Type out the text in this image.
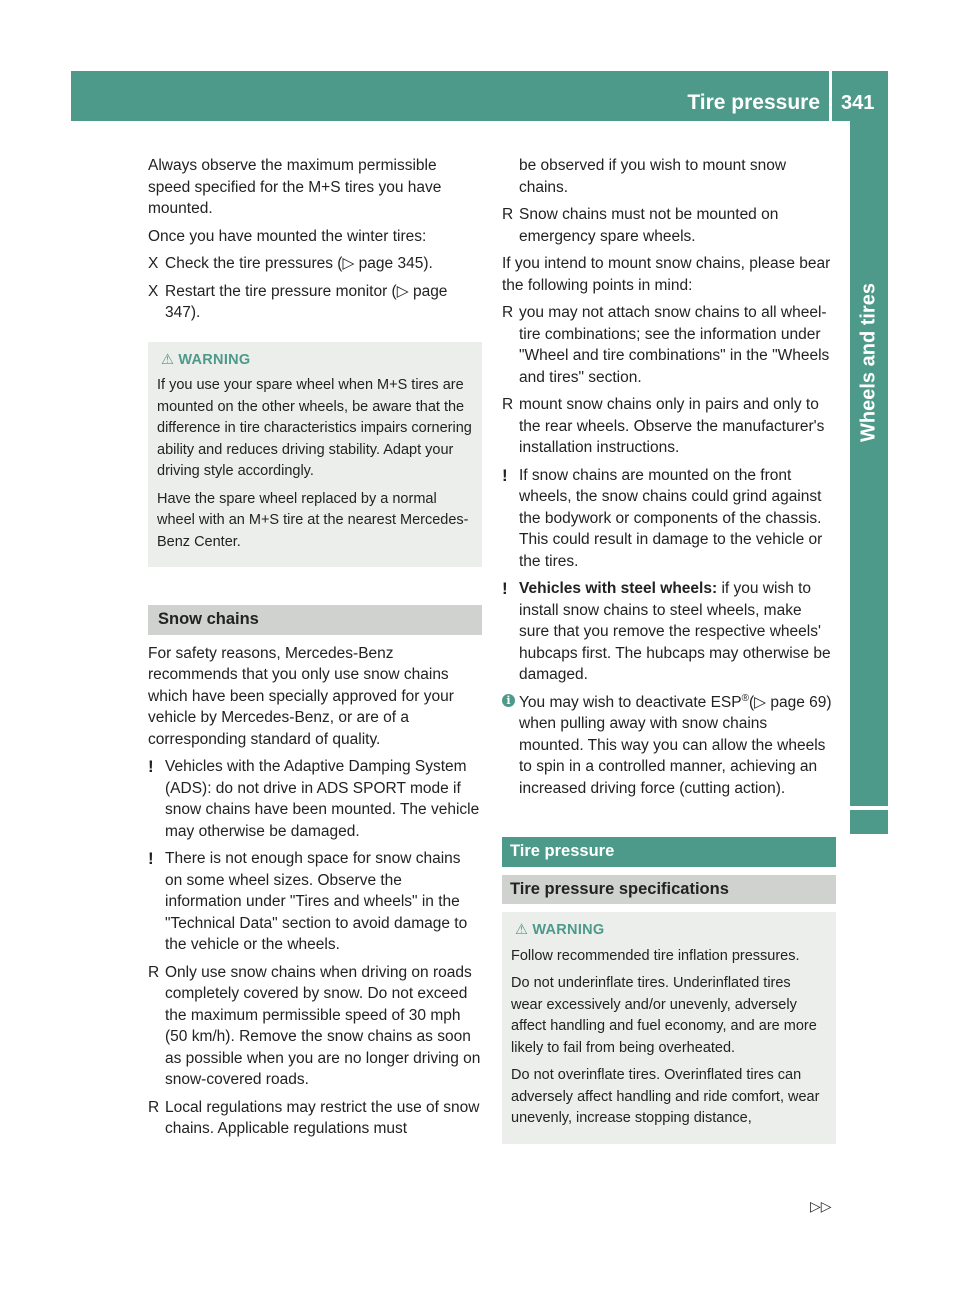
Tire pressure 341
Wheels and tires

Always observe the maximum permissible speed specified for the M+S tires you have mounted.

Once you have mounted the winter tires:

X Check the tire pressures (▷ page 345).
X Restart the tire pressure monitor (▷ page 347).
⚠ WARNING

If you use your spare wheel when M+S tires are mounted on the other wheels, be aware that the difference in tire characteristics impairs cornering ability and reduces driving stability. Adapt your driving style accordingly.

Have the spare wheel replaced by a normal wheel with an M+S tire at the nearest Mercedes-Benz Center.

Snow chains

For safety reasons, Mercedes-Benz recommends that you only use snow chains which have been specially approved for your vehicle by Mercedes-Benz, or are of a corresponding standard of quality.

! Vehicles with the Adaptive Damping System (ADS): do not drive in ADS SPORT mode if snow chains have been mounted. The vehicle may otherwise be damaged.
! There is not enough space for snow chains on some wheel sizes. Observe the information under "Tires and wheels" in the "Technical Data" section to avoid damage to the vehicle or the wheels.
R Only use snow chains when driving on roads completely covered by snow. Do not exceed the maximum permissible speed of 30 mph (50 km/h). Remove the snow chains as soon as possible when you are no longer driving on snow-covered roads.
R Local regulations may restrict the use of snow chains. Applicable regulations must

be observed if you wish to mount snow chains.

R Snow chains must not be mounted on emergency spare wheels.

If you intend to mount snow chains, please bear the following points in mind:

R you may not attach snow chains to all wheel-tire combinations; see the information under "Wheel and tire combinations" in the "Wheels and tires" section.
R mount snow chains only in pairs and only to the rear wheels. Observe the manufacturer's installation instructions.
! If snow chains are mounted on the front wheels, the snow chains could grind against the bodywork or components of the chassis. This could result in damage to the vehicle or the tires.
! Vehicles with steel wheels: if you wish to install snow chains to steel wheels, make sure that you remove the respective wheels' hubcaps first. The hubcaps may otherwise be damaged.
i You may wish to deactivate ESP®(▷ page 69) when pulling away with snow chains mounted. This way you can allow the wheels to spin in a controlled manner, achieving an increased driving force (cutting action).
Tire pressure
Tire pressure specifications
⚠ WARNING

Follow recommended tire inflation pressures.

Do not underinflate tires. Underinflated tires wear excessively and/or unevenly, adversely affect handling and fuel economy, and are more likely to fail from being overheated.

Do not overinflate tires. Overinflated tires can adversely affect handling and ride comfort, wear unevenly, increase stopping distance,

▷▷
